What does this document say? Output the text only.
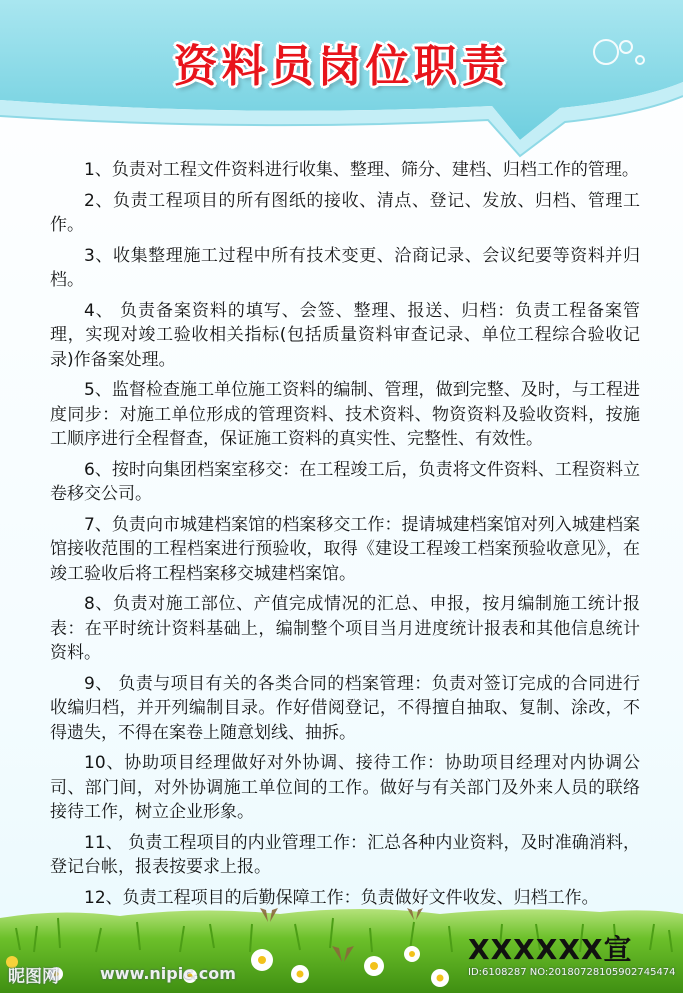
资料员岗位职责

1、负责对工程文件资料进行收集、整理、筛分、建档、归档工作的管理。

2、负责工程项目的所有图纸的接收、清点、登记、发放、归档、管理工作。

3、收集整理施工过程中所有技术变更、洽商记录、会议纪要等资料并归档。

4、 负责备案资料的填写、会签、整理、报送、归档：负责工程备案管理，实现对竣工验收相关指标(包括质量资料审查记录、单位工程综合验收记录)作备案处理。

5、监督检查施工单位施工资料的编制、管理，做到完整、及时，与工程进度同步：对施工单位形成的管理资料、技术资料、物资资料及验收资料，按施工顺序进行全程督查，保证施工资料的真实性、完整性、有效性。

6、按时向集团档案室移交：在工程竣工后，负责将文件资料、工程资料立卷移交公司。

7、负责向市城建档案馆的档案移交工作：提请城建档案馆对列入城建档案馆接收范围的工程档案进行预验收，取得《建设工程竣工档案预验收意见》，在竣工验收后将工程档案移交城建档案馆。

8、负责对施工部位、产值完成情况的汇总、申报，按月编制施工统计报表：在平时统计资料基础上，编制整个项目当月进度统计报表和其他信息统计资料。

9、 负责与项目有关的各类合同的档案管理：负责对签订完成的合同进行收编归档，并开列编制目录。作好借阅登记，不得擅自抽取、复制、涂改，不得遗失，不得在案卷上随意划线、抽拆。

10、协助项目经理做好对外协调、接待工作：协助项目经理对内协调公司、部门间，对外协调施工单位间的工作。做好与有关部门及外来人员的联络接待工作，树立企业形象。

11、 负责工程项目的内业管理工作：汇总各种内业资料，及时准确消料，登记台帐，报表按要求上报。

12、负责工程项目的后勤保障工作：负责做好文件收发、归档工作。

XXXXXX宣
昵图网	www.nipic.com	ID:6108287 NO:20180728105902745474
